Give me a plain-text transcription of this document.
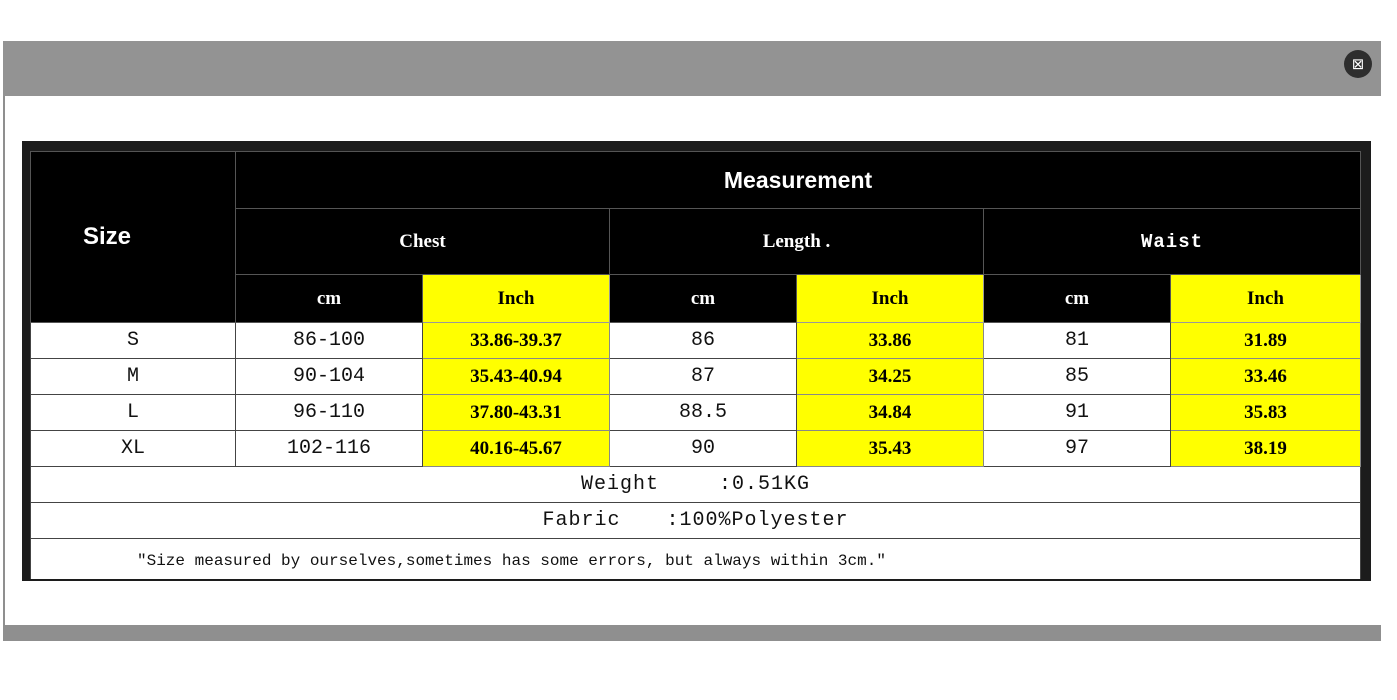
⊠
Size	Measurement					
	Chest		Length .		Waist	
	cm	Inch	cm	Inch	cm	Inch
S	86-100	33.86-39.37	86	33.86	81	31.89
M	90-104	35.43-40.94	87	34.25	85	33.46
L	96-110	37.80-43.31	88.5	34.84	91	35.83
XL	102-116	40.16-45.67	90	35.43	97	38.19
Weight :0.51KG						
Fabric :100%Polyester						

"Size measured by ourselves,sometimes has some errors, but always within 3cm."						
